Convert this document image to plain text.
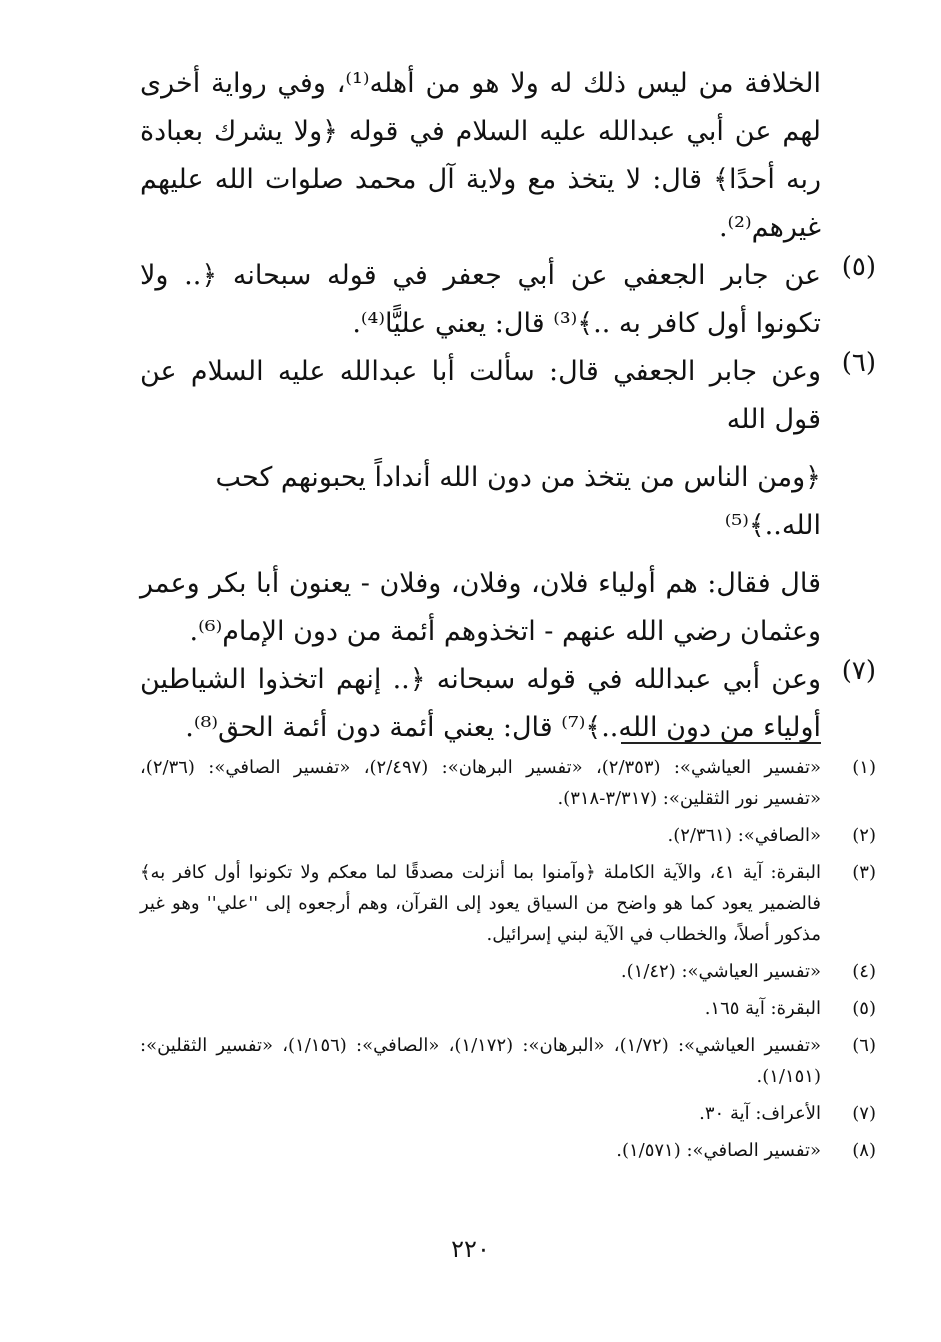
الخلافة من ليس ذلك له ولا هو من أهله⁽¹⁾، وفي رواية أخرى لهم عن أبي عبدالله عليه السلام في قوله ﴿ولا يشرك بعبادة ربه أحدًا﴾ قال: لا يتخذ مع ولاية آل محمد صلوات الله عليهم غيرهم⁽²⁾.

(٥)

عن جابر الجعفي عن أبي جعفر في قوله سبحانه ﴿.. ولا تكونوا أول كافر به ..﴾⁽³⁾ قال: يعني عليًّا⁽⁴⁾.

(٦)

وعن جابر الجعفي قال: سألت أبا عبدالله عليه السلام عن قول الله

﴿ومن الناس من يتخذ من دون الله أنداداً يحبونهم كحب الله..﴾⁽⁵⁾

قال فقال: هم أولياء فلان، وفلان، وفلان - يعنون أبا بكر وعمر وعثمان رضي الله عنهم - اتخذوهم أئمة من دون الإمام⁽⁶⁾.

(٧)

وعن أبي عبدالله في قوله سبحانه ﴿.. إنهم اتخذوا الشياطين أولياء من دون الله..﴾⁽⁷⁾ قال: يعني أئمة دون أئمة الحق⁽⁸⁾.

(١)
«تفسير العياشي»: (٢/٣٥٣)، «تفسير البرهان»: (٢/٤٩٧)، «تفسير الصافي»: (٢/٣٦)، «تفسير نور الثقلين»: (٣/٣١٧-٣١٨).
(٢)
«الصافي»: (٢/٣٦١).
(٣)
البقرة: آية ٤١، والآية الكاملة ﴿وآمنوا بما أنزلت مصدقًا لما معكم ولا تكونوا أول كافر به﴾ فالضمير يعود كما هو واضح من السياق يعود إلى القرآن، وهم أرجعوه إلى ''علي'' وهو غير مذكور أصلاً، والخطاب في الآية لبني إسرائيل.
(٤)
«تفسير العياشي»: (١/٤٢).
(٥)
البقرة: آية ١٦٥.
(٦)
«تفسير العياشي»: (١/٧٢)، «البرهان»: (١/١٧٢)، «الصافي»: (١/١٥٦)، «تفسير الثقلين»: (١/١٥١).
(٧)
الأعراف: آية ٣٠.
(٨)
«تفسير الصافي»: (١/٥٧١).
٢٢٠
